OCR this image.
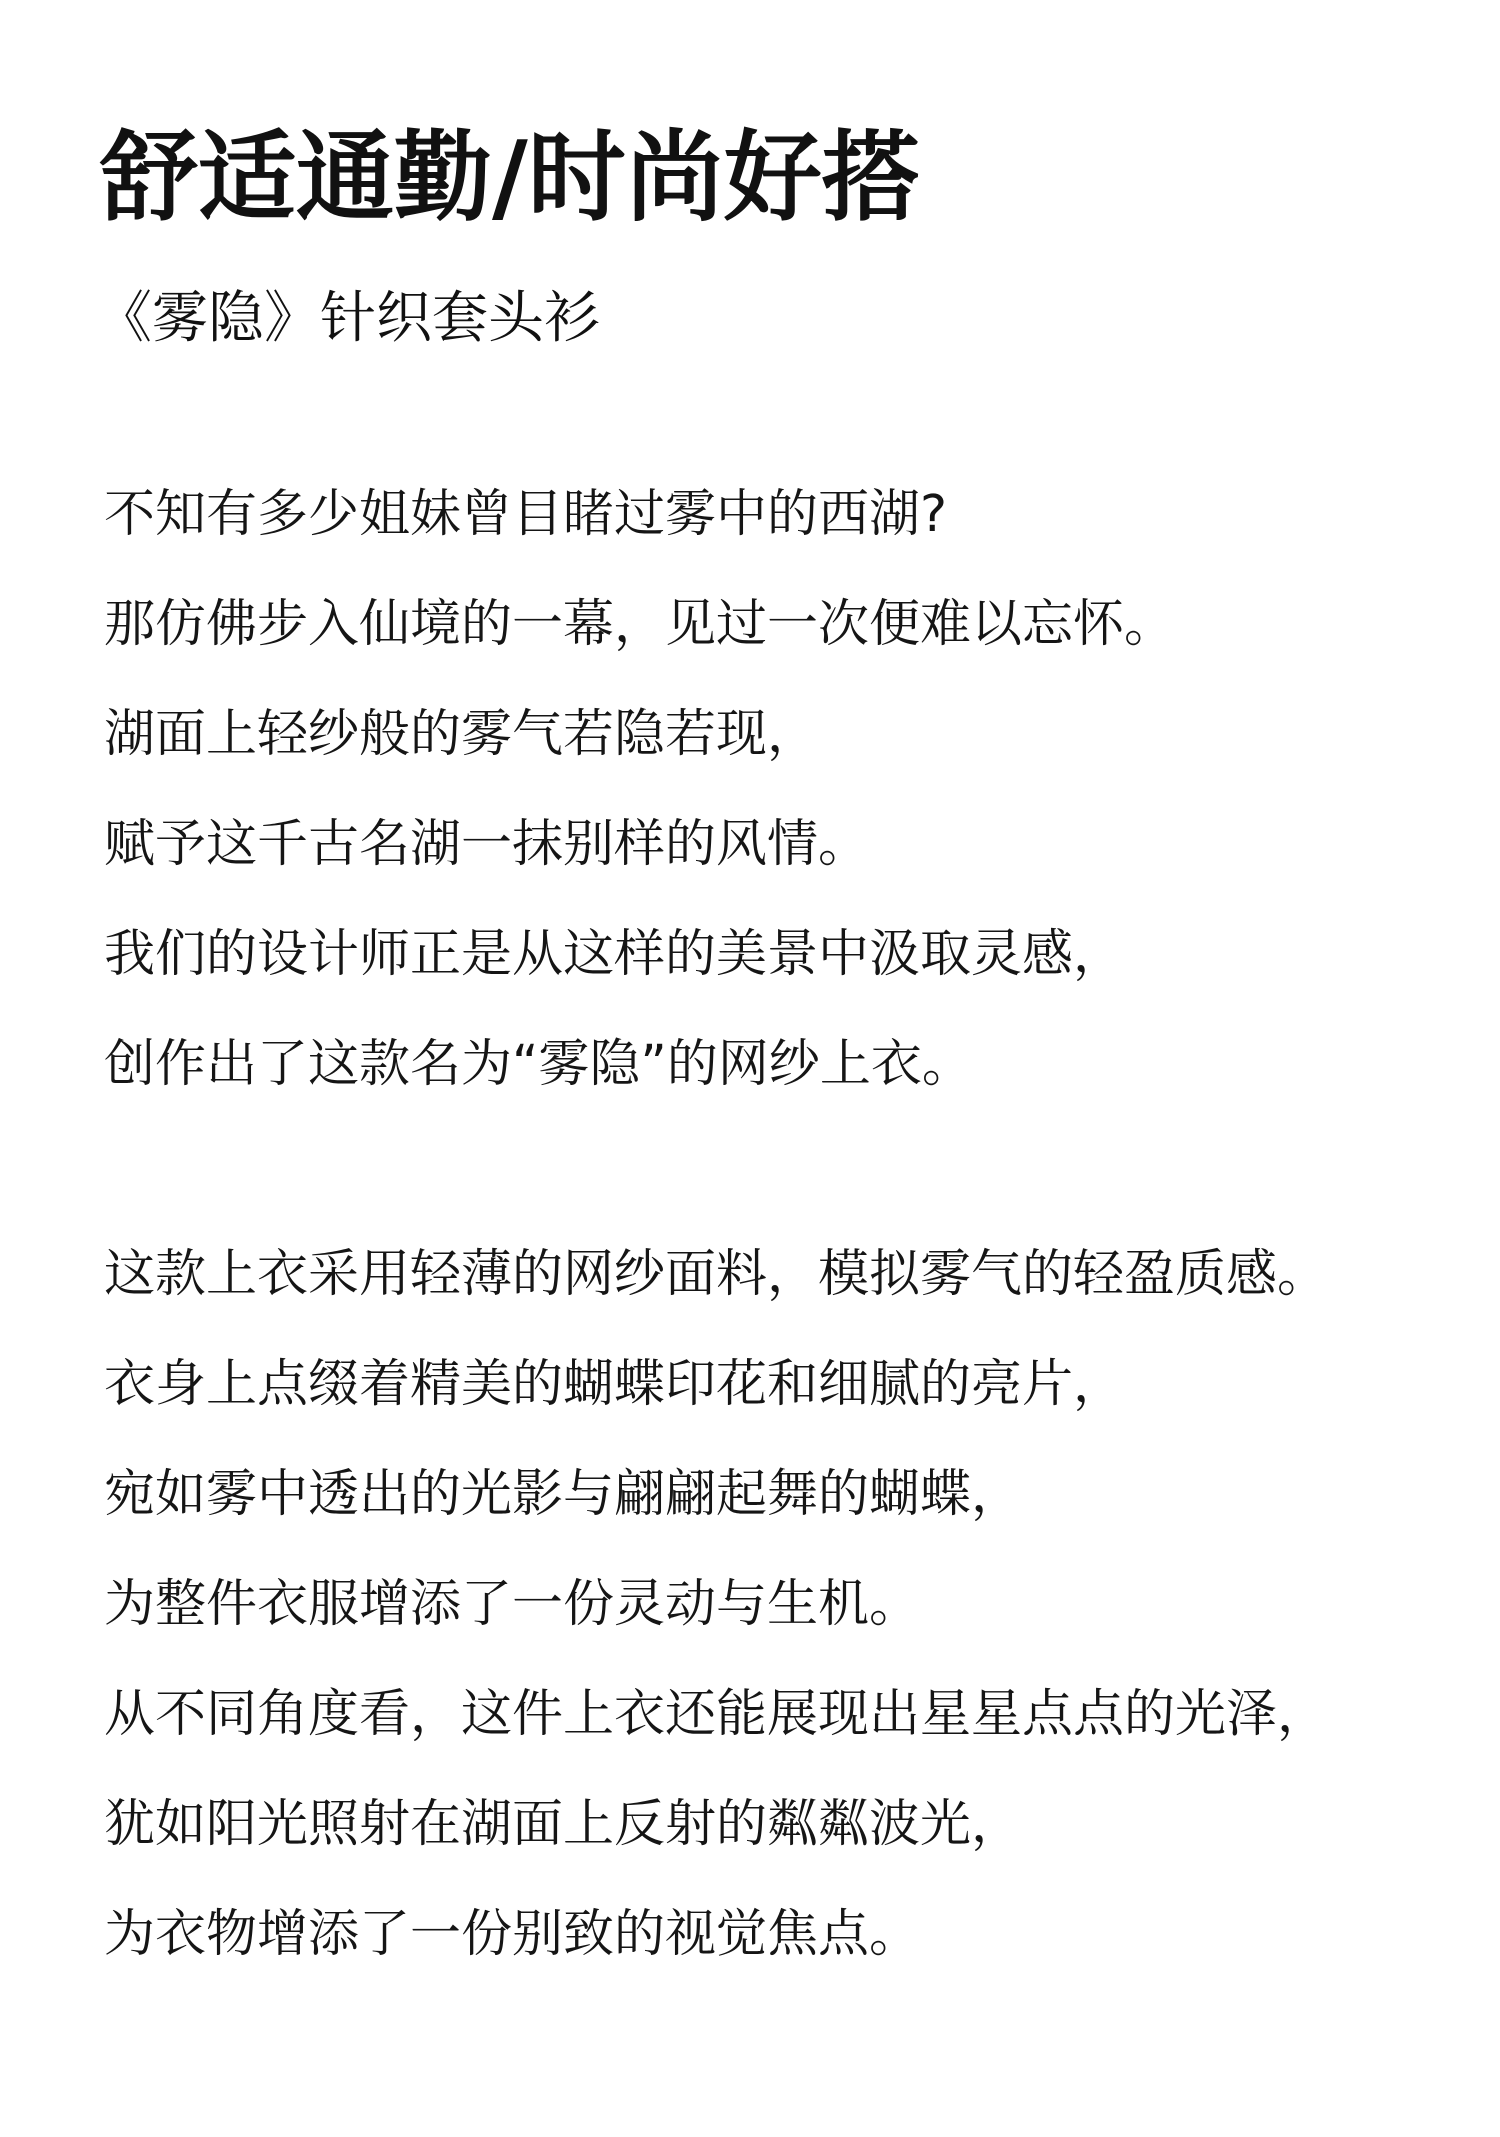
舒适通勤/时尚好搭
《雾隐》针织套头衫
不知有多少姐妹曾目睹过雾中的西湖?
那仿佛步入仙境的一幕，见过一次便难以忘怀。
湖面上轻纱般的雾气若隐若现，
赋予这千古名湖一抹别样的风情。
我们的设计师正是从这样的美景中汲取灵感，
创作出了这款名为“雾隐”的网纱上衣。
这款上衣采用轻薄的网纱面料，模拟雾气的轻盈质感。
衣身上点缀着精美的蝴蝶印花和细腻的亮片，
宛如雾中透出的光影与翩翩起舞的蝴蝶，
为整件衣服增添了一份灵动与生机。
从不同角度看，这件上衣还能展现出星星点点的光泽，
犹如阳光照射在湖面上反射的粼粼波光，
为衣物增添了一份别致的视觉焦点。
